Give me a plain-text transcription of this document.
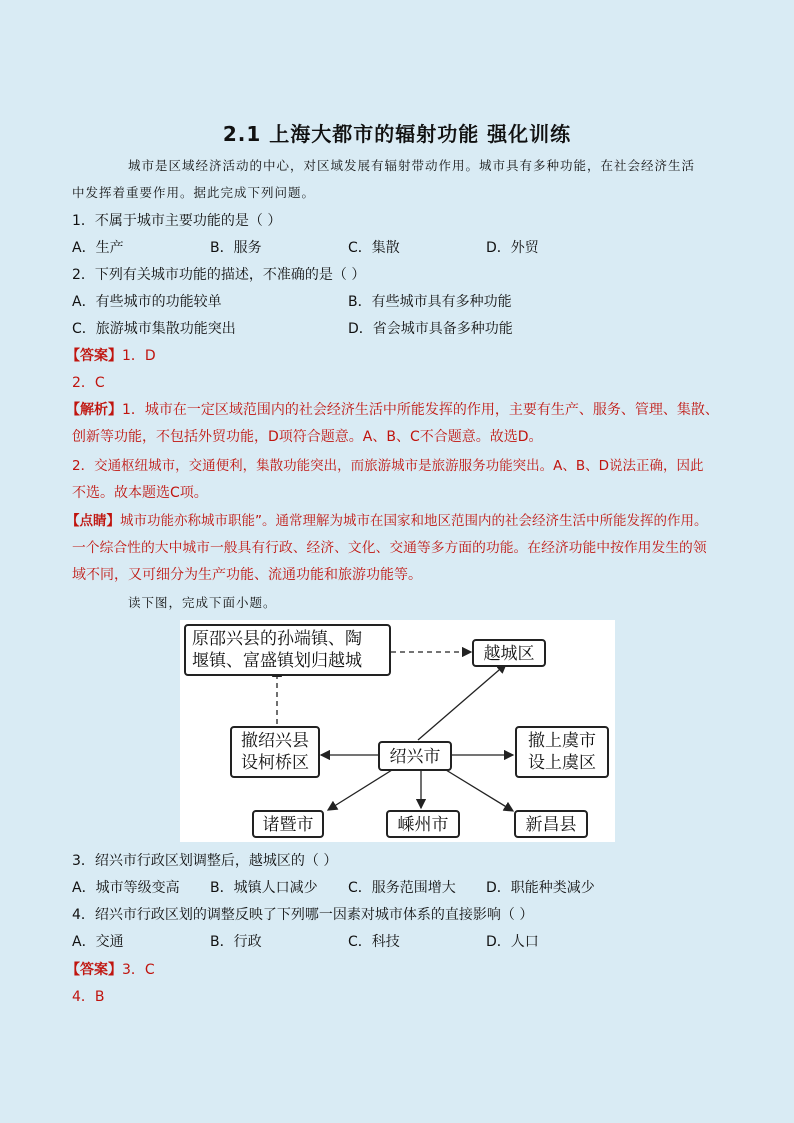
2.1 上海大都市的辐射功能 强化训练
城市是区域经济活动的中心，对区域发展有辐射带动作用。城市具有多种功能，在社会经济生活
中发挥着重要作用。据此完成下列问题。
1．不属于城市主要功能的是（ ）
A．生产	B．服务	C．集散	D．外贸
2．下列有关城市功能的描述，不准确的是（ ）
A．有些城市的功能较单	B．有些城市具有多种功能
C．旅游城市集散功能突出	D．省会城市具备多种功能
【答案】1．D
2．C
【解析】1．城市在一定区域范围内的社会经济生活中所能发挥的作用，主要有生产、服务、管理、集散、
创新等功能，不包括外贸功能，D项符合题意。A、B、C不合题意。故选D。
2．交通枢纽城市，交通便利，集散功能突出，而旅游城市是旅游服务功能突出。A、B、D说法正确，因此
不选。故本题选C项。
【点睛】城市功能亦称城市职能”。通常理解为城市在国家和地区范围内的社会经济生活中所能发挥的作用。
一个综合性的大中城市一般具有行政、经济、文化、交通等多方面的功能。在经济功能中按作用发生的领
域不同，又可细分为生产功能、流通功能和旅游功能等。
读下图，完成下面小题。
原邵兴县的孙端镇、陶
堰镇、富盛镇划归越城	越城区
撤绍兴县
设柯桥区	绍兴市
撤上虞市
设上虞区
诸暨市	嵊州市	新昌县
3．绍兴市行政区划调整后，越城区的（ ）
A．城市等级变高 B．城镇人口减少 C．服务范围增大 D．职能种类减少
4．绍兴市行政区划的调整反映了下列哪一因素对城市体系的直接影响（ ）
A．交通	B．行政	C．科技	D．人口
【答案】3．C
4．B
